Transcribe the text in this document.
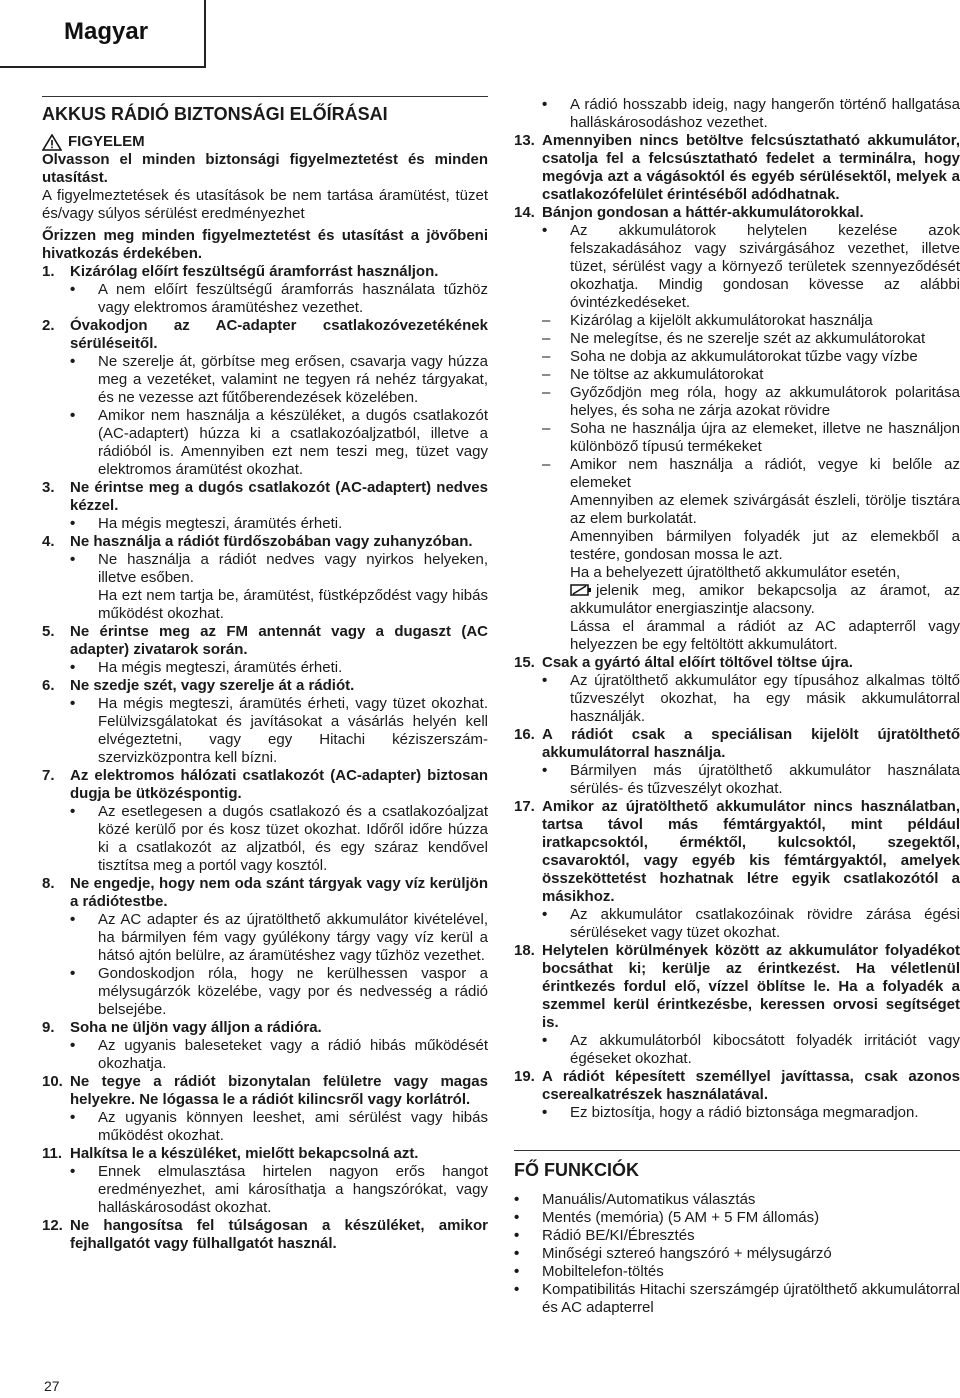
Magyar
AKKUS RÁDIÓ BIZTONSÁGI ELŐÍRÁSAI
FIGYELEM
Olvasson el minden biztonsági figyelmeztetést és minden utasítást.
A figyelmeztetések és utasítások be nem tartása áramütést, tüzet és/vagy súlyos sérülést eredményezhet
Őrizzen meg minden figyelmeztetést és utasítást a jövőbeni hivatkozás érdekében.
1.	Kizárólag előírt feszültségű áramforrást használjon.
•	A nem előírt feszültségű áramforrás használata tűzhöz vagy elektromos áramütéshez vezethet.
2.	Óvakodjon az AC-adapter csatlakozóvezetékének sérüléseitől.
•	Ne szerelje át, görbítse meg erősen, csavarja vagy húzza meg a vezetéket, valamint ne tegyen rá nehéz tárgyakat, és ne vezesse azt fűtőberendezések közelében.
•	Amikor nem használja a készüléket, a dugós csatlakozót (AC-adaptert) húzza ki a csatlakozóaljzatból, illetve a rádióból is. Amennyiben ezt nem teszi meg, tüzet vagy elektromos áramütést okozhat.
3.	Ne érintse meg a dugós csatlakozót (AC-adaptert) nedves kézzel.
•	Ha mégis megteszi, áramütés érheti.
4.	Ne használja a rádiót fürdőszobában vagy zuhanyzóban.
•	Ne használja a rádiót nedves vagy nyirkos helyeken, illetve esőben.
Ha ezt nem tartja be, áramütést, füstképződést vagy hibás működést okozhat.
5.	Ne érintse meg az FM antennát vagy a dugaszt (AC adapter) zivatarok során.
•	Ha mégis megteszi, áramütés érheti.
6.	Ne szedje szét, vagy szerelje át a rádiót.
•	Ha mégis megteszi, áramütés érheti, vagy tüzet okozhat. Felülvizsgálatokat és javításokat a vásárlás helyén kell elvégeztetni, vagy egy Hitachi kéziszerszám-szervizközpontra kell bízni.
7.	Az elektromos hálózati csatlakozót (AC-adapter) biztosan dugja be ütközéspontig.
•	Az esetlegesen a dugós csatlakozó és a csatlakozóaljzat közé kerülő por és kosz tüzet okozhat. Időről időre húzza ki a csatlakozót az aljzatból, és egy száraz kendővel tisztítsa meg a portól vagy kosztól.
8.	Ne engedje, hogy nem oda szánt tárgyak vagy víz kerüljön a rádiótestbe.
•	Az AC adapter és az újratölthető akkumulátor kivételével, ha bármilyen fém vagy gyúlékony tárgy vagy víz kerül a hátsó ajtón belülre, az áramütéshez vagy tűzhöz vezethet.
•	Gondoskodjon róla, hogy ne kerülhessen vaspor a mélysugárzók közelébe, vagy por és nedvesség a rádió belsejébe.
9.	Soha ne üljön vagy álljon a rádióra.
•	Az ugyanis baleseteket vagy a rádió hibás működését okozhatja.
10. Ne tegye a rádiót bizonytalan felületre vagy magas helyekre. Ne lógassa le a rádiót kilincsről vagy korlátról.
•	Az ugyanis könnyen leeshet, ami sérülést vagy hibás működést okozhat.
11. Halkítsa le a készüléket, mielőtt bekapcsolná azt.
•	Ennek elmulasztása hirtelen nagyon erős hangot eredményezhet, ami károsíthatja a hangszórókat, vagy halláskárosodást okozhat.
12. Ne hangosítsa fel túlságosan a készüléket, amikor fejhallgatót vagy fülhallgatót használ.
•	A rádió hosszabb ideig, nagy hangerőn történő hallgatása halláskárosodáshoz vezethet.
13. Amennyiben nincs betöltve felcsúsztatható akkumulátor, csatolja fel a felcsúsztatható fedelet a terminálra, hogy megóvja azt a vágásoktól és egyéb sérülésektől, melyek a csatlakozófelület érintéséből adódhatnak.
14. Bánjon gondosan a háttér-akkumulátorokkal.
•	Az akkumulátorok helytelen kezelése azok felszakadásához vagy szivárgásához vezethet, illetve tüzet, sérülést vagy a környező területek szennyeződését okozhatja. Mindig gondosan kövesse az alábbi óvintézkedéseket.
–	Kizárólag a kijelölt akkumulátorokat használja
–	Ne melegítse, és ne szerelje szét az akkumulátorokat
–	Soha ne dobja az akkumulátorokat tűzbe vagy vízbe
–	Ne töltse az akkumulátorokat
–	Győződjön meg róla, hogy az akkumulátorok polaritása helyes, és soha ne zárja azokat rövidre
–	Soha ne használja újra az elemeket, illetve ne használjon különböző típusú termékeket
–	Amikor nem használja a rádiót, vegye ki belőle az elemeket
Amennyiben az elemek szivárgását észleli, törölje tisztára az elem burkolatát.
Amennyiben bármilyen folyadék jut az elemekből a testére, gondosan mossa le azt.
Ha a behelyezett újratölthető akkumulátor esetén,
jelenik meg, amikor bekapcsolja az áramot, az akkumulátor energiaszintje alacsony.
Lássa el árammal a rádiót az AC adapterről vagy helyezzen be egy feltöltött akkumulátort.
15. Csak a gyártó által előírt töltővel töltse újra.
•	Az újratölthető akkumulátor egy típusához alkalmas töltő tűzveszélyt okozhat, ha egy másik akkumulátorral használják.
16. A rádiót csak a speciálisan kijelölt újratölthető akkumulátorral használja.
•	Bármilyen más újratölthető akkumulátor használata sérülés- és tűzveszélyt okozhat.
17. Amikor az újratölthető akkumulátor nincs használatban, tartsa távol más fémtárgyaktól, mint például iratkapcsoktól, érméktől, kulcsoktól, szegektől, csavaroktól, vagy egyéb kis fémtárgyaktól, amelyek összeköttetést hozhatnak létre egyik csatlakozótól a másikhoz.
•	Az akkumulátor csatlakozóinak rövidre zárása égési sérüléseket vagy tüzet okozhat.
18. Helytelen körülmények között az akkumulátor folyadékot bocsáthat ki; kerülje az érintkezést. Ha véletlenül érintkezés fordul elő, vízzel öblítse le. Ha a folyadék a szemmel kerül érintkezésbe, keressen orvosi segítséget is.
•	Az akkumulátorból kibocsátott folyadék irritációt vagy égéseket okozhat.
19. A rádiót képesített személlyel javíttassa, csak azonos cserealkatrészek használatával.
•	Ez biztosítja, hogy a rádió biztonsága megmaradjon.
FŐ FUNKCIÓK
•	Manuális/Automatikus választás
•	Mentés (memória) (5 AM + 5 FM állomás)
•	Rádió BE/KI/Ébresztés
•	Minőségi sztereó hangszóró + mélysugárzó
•	Mobiltelefon-töltés
•	Kompatibilitás Hitachi szerszámgép újratölthető akkumulátorral és AC adapterrel
27
